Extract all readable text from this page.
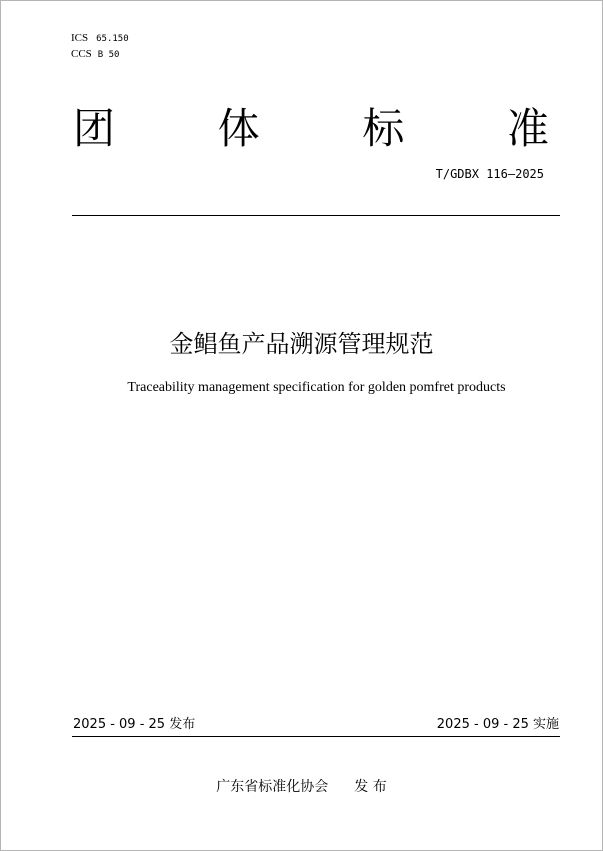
ICS 65.150
CCS B 50
团 体 标 准
T/GDBX 116—2025
金鲳鱼产品溯源管理规范
Traceability management specification for golden pomfret products
2025 - 09 - 25 发布	2025 - 09 - 25 实施
广东省标准化协会 发 布
